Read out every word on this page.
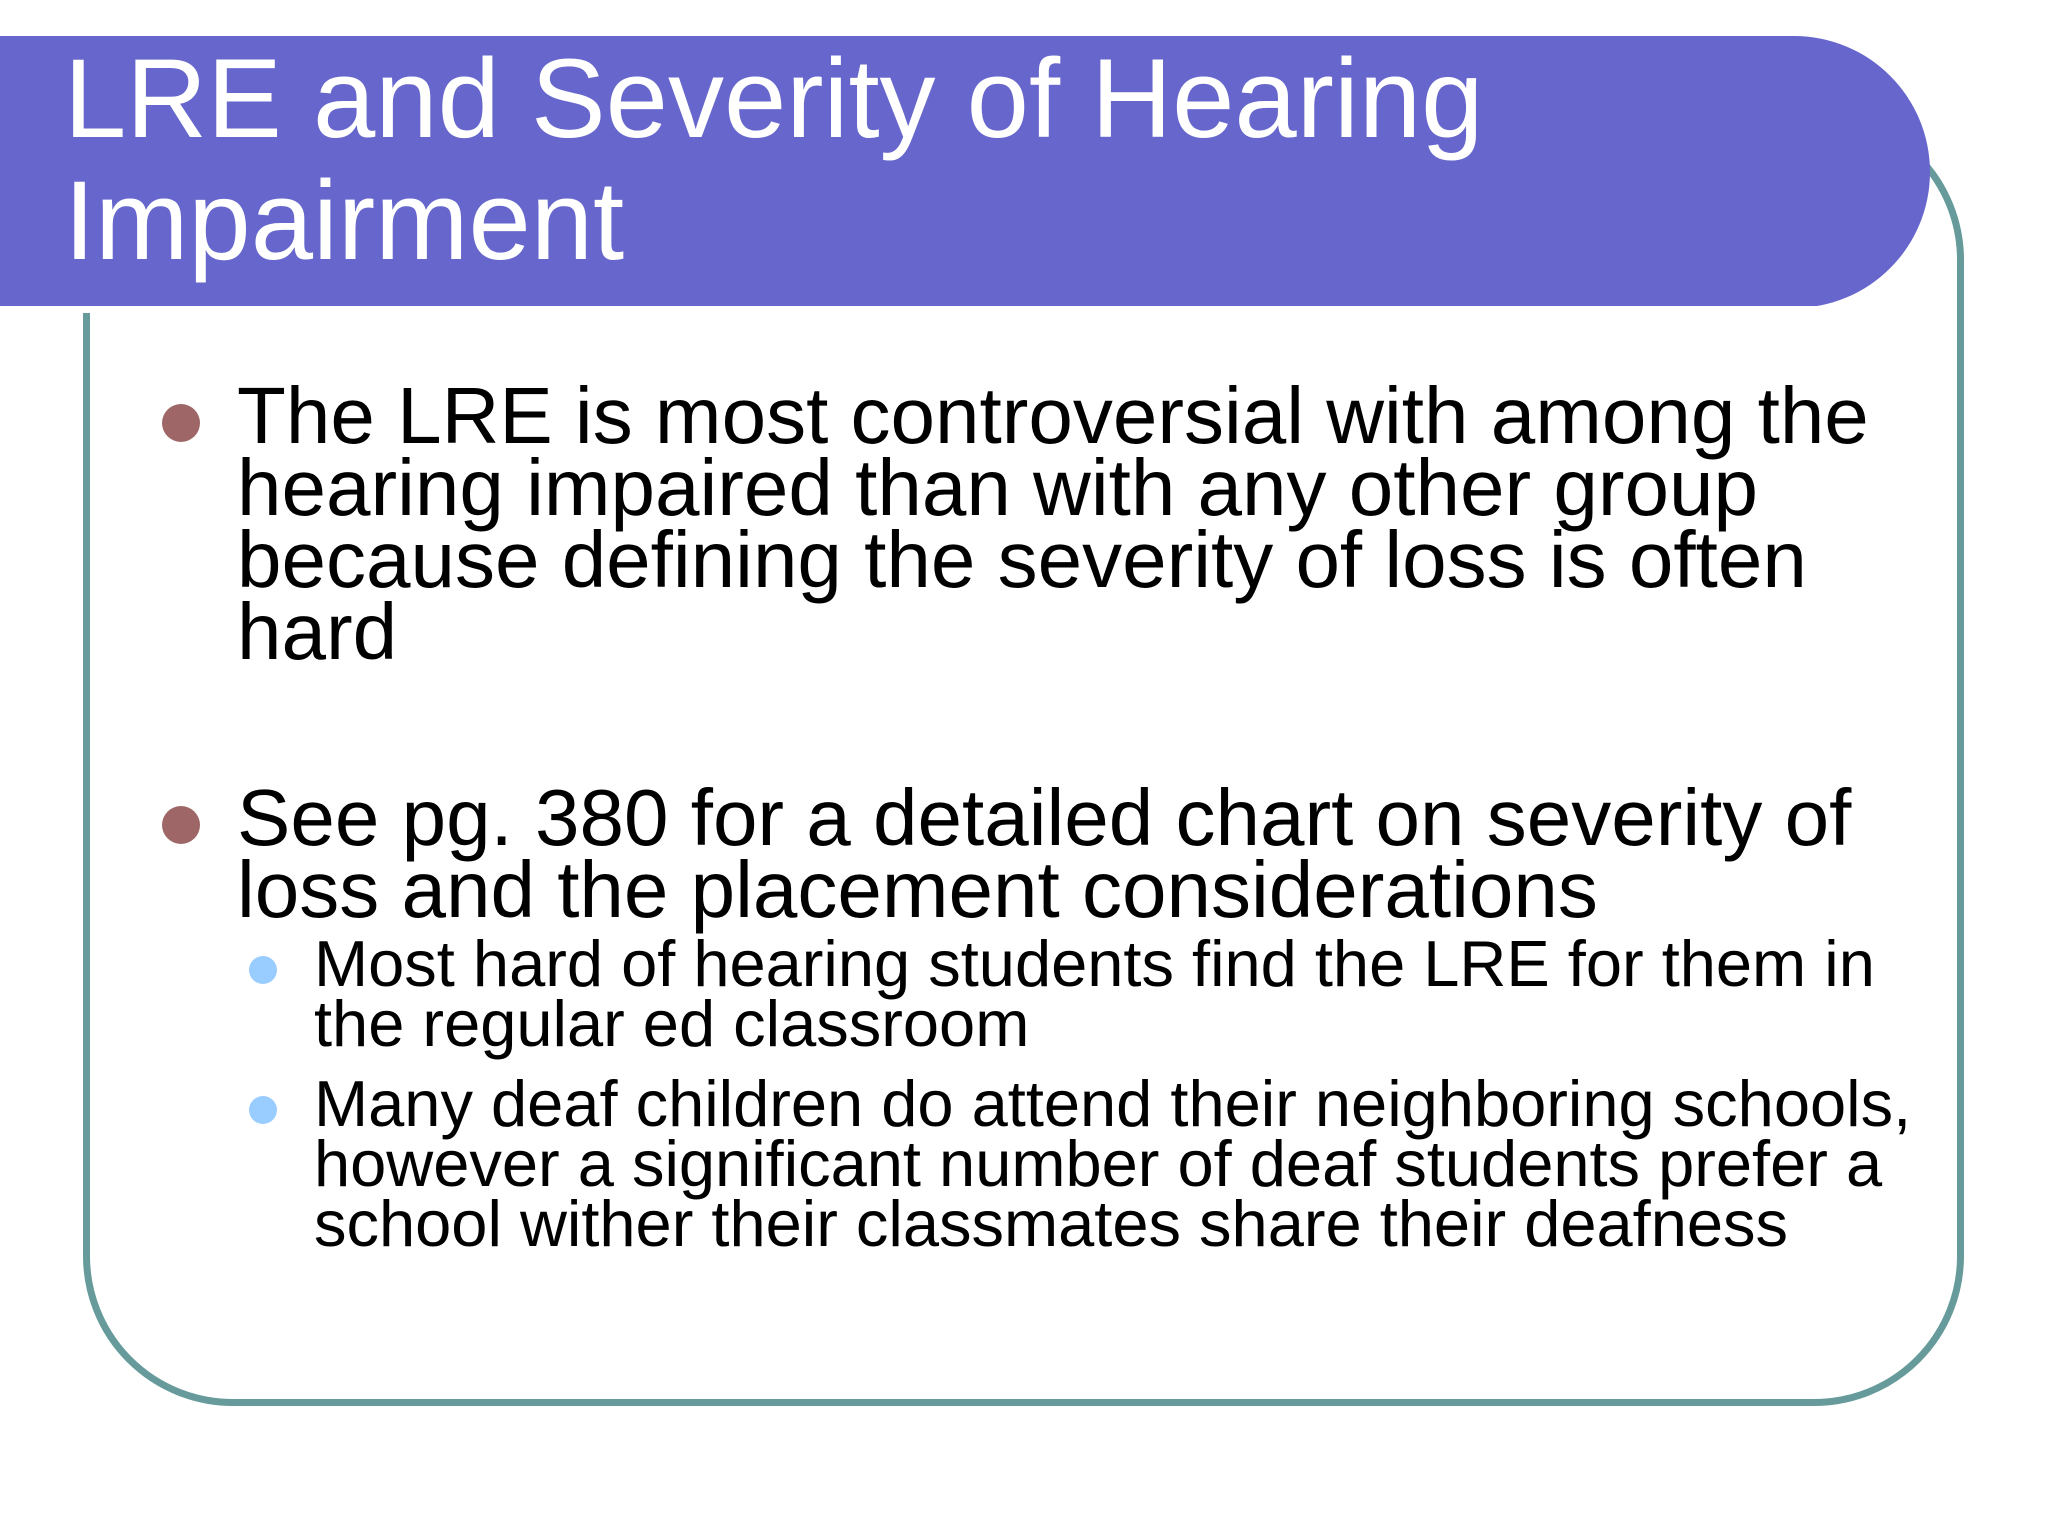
LRE and Severity of Hearing Impairment
The LRE is most controversial with among the hearing impaired than with any other group because defining the severity of loss is often hard
See pg. 380 for a detailed chart on severity of loss and the placement considerations
Most hard of hearing students find the LRE for them in the regular ed classroom
Many deaf children do attend their neighboring schools, however a significant number of deaf students prefer a school wither their classmates share their deafness
